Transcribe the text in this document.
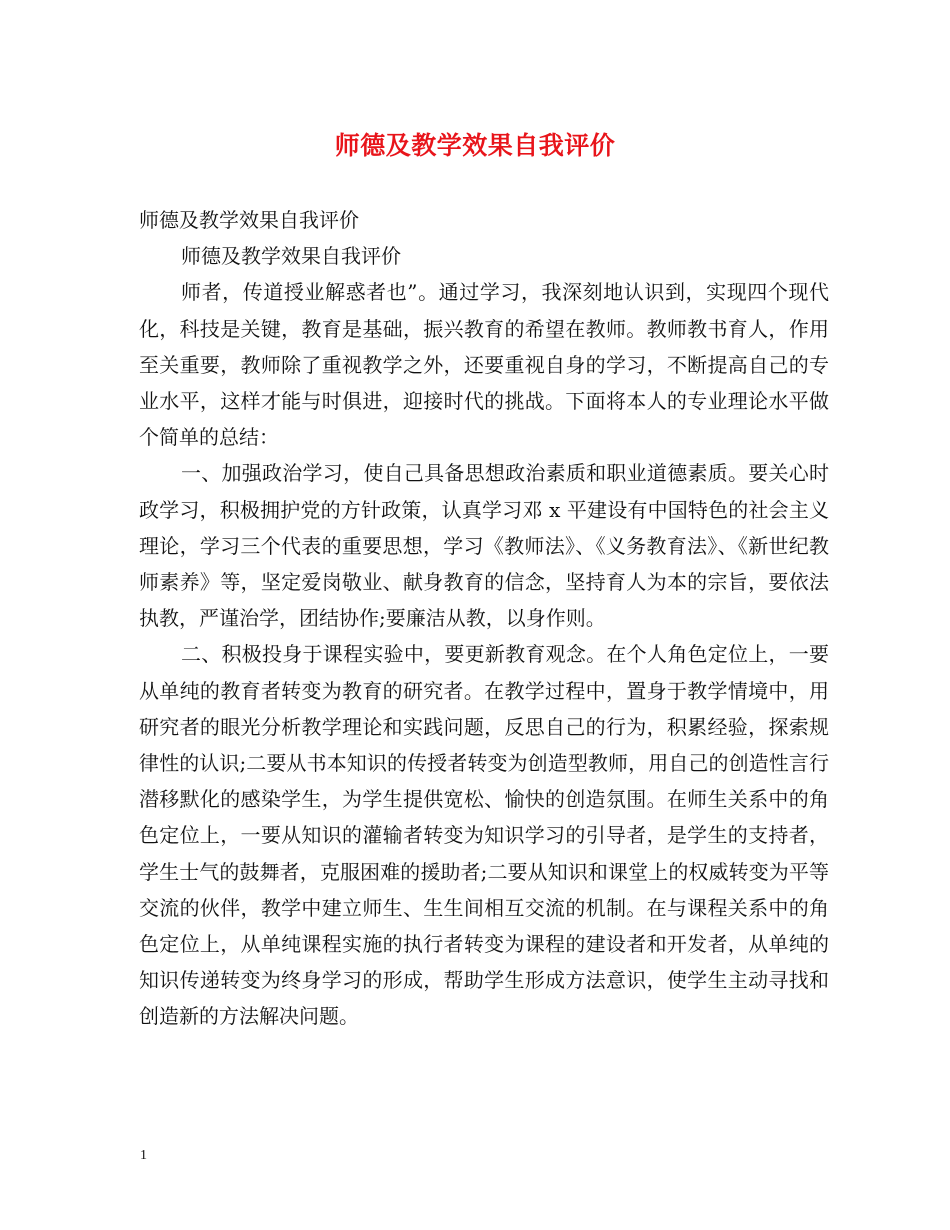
师德及教学效果自我评价

师德及教学效果自我评价

师德及教学效果自我评价

师者，传道授业解惑者也”。通过学习，我深刻地认识到，实现四个现代化，科技是关键，教育是基础，振兴教育的希望在教师。教师教书育人，作用至关重要，教师除了重视教学之外，还要重视自身的学习，不断提高自己的专业水平，这样才能与时俱进，迎接时代的挑战。下面将本人的专业理论水平做个简单的总结：

一、加强政治学习，使自己具备思想政治素质和职业道德素质。要关心时政学习，积极拥护党的方针政策，认真学习邓 x 平建设有中国特色的社会主义理论，学习三个代表的重要思想，学习《教师法》、《义务教育法》、《新世纪教师素养》等，坚定爱岗敬业、献身教育的信念，坚持育人为本的宗旨，要依法执教，严谨治学，团结协作;要廉洁从教，以身作则。

二、积极投身于课程实验中，要更新教育观念。在个人角色定位上，一要从单纯的教育者转变为教育的研究者。在教学过程中，置身于教学情境中，用研究者的眼光分析教学理论和实践问题，反思自己的行为，积累经验，探索规律性的认识;二要从书本知识的传授者转变为创造型教师，用自己的创造性言行潜移默化的感染学生，为学生提供宽松、愉快的创造氛围。在师生关系中的角色定位上，一要从知识的灌输者转变为知识学习的引导者，是学生的支持者，学生士气的鼓舞者，克服困难的援助者;二要从知识和课堂上的权威转变为平等交流的伙伴，教学中建立师生、生生间相互交流的机制。在与课程关系中的角色定位上，从单纯课程实施的执行者转变为课程的建设者和开发者，从单纯的知识传递转变为终身学习的形成，帮助学生形成方法意识，使学生主动寻找和创造新的方法解决问题。

1
